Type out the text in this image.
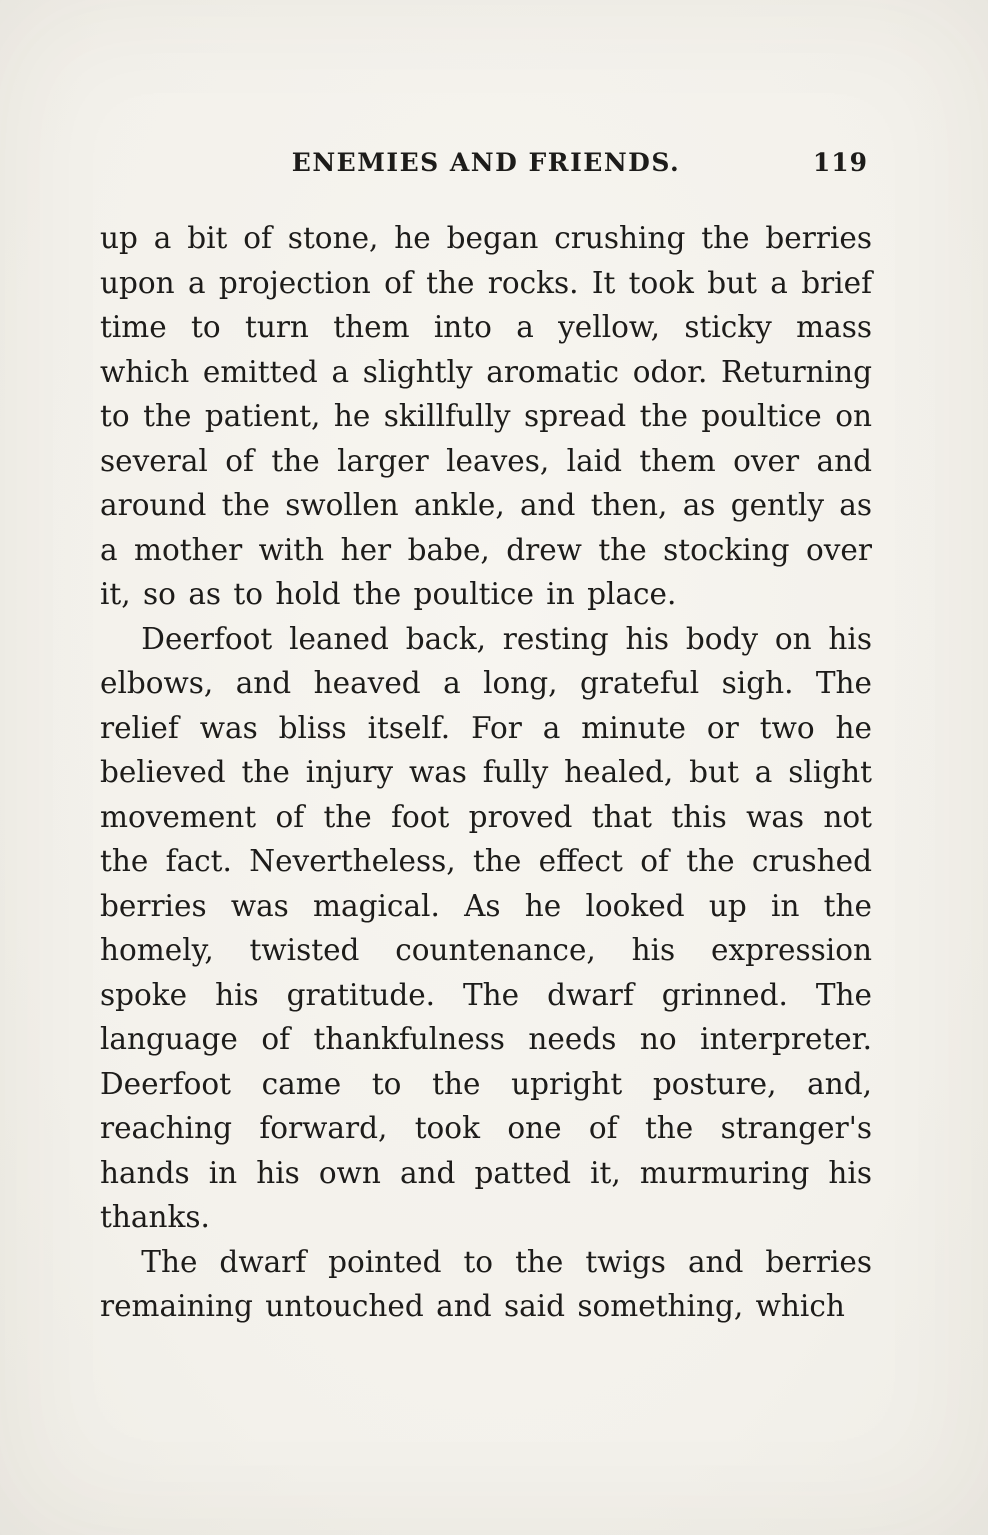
ENEMIES AND FRIENDS.	119

up a bit of stone, he began crushing the berries upon a projection of the rocks. It took but a brief time to turn them into a yellow, sticky mass which emitted a slightly aromatic odor. Returning to the patient, he skillfully spread the poultice on several of the larger leaves, laid them over and around the swollen ankle, and then, as gently as a mother with her babe, drew the stocking over it, so as to hold the poultice in place.

Deerfoot leaned back, resting his body on his elbows, and heaved a long, grateful sigh. The relief was bliss itself. For a minute or two he believed the injury was fully healed, but a slight movement of the foot proved that this was not the fact. Nevertheless, the effect of the crushed berries was magical. As he looked up in the homely, twisted countenance, his expression spoke his gratitude. The dwarf grinned. The language of thankfulness needs no interpreter. Deerfoot came to the upright posture, and, reaching forward, took one of the stranger's hands in his own and patted it, murmuring his thanks.

The dwarf pointed to the twigs and berries remaining untouched and said something, which
